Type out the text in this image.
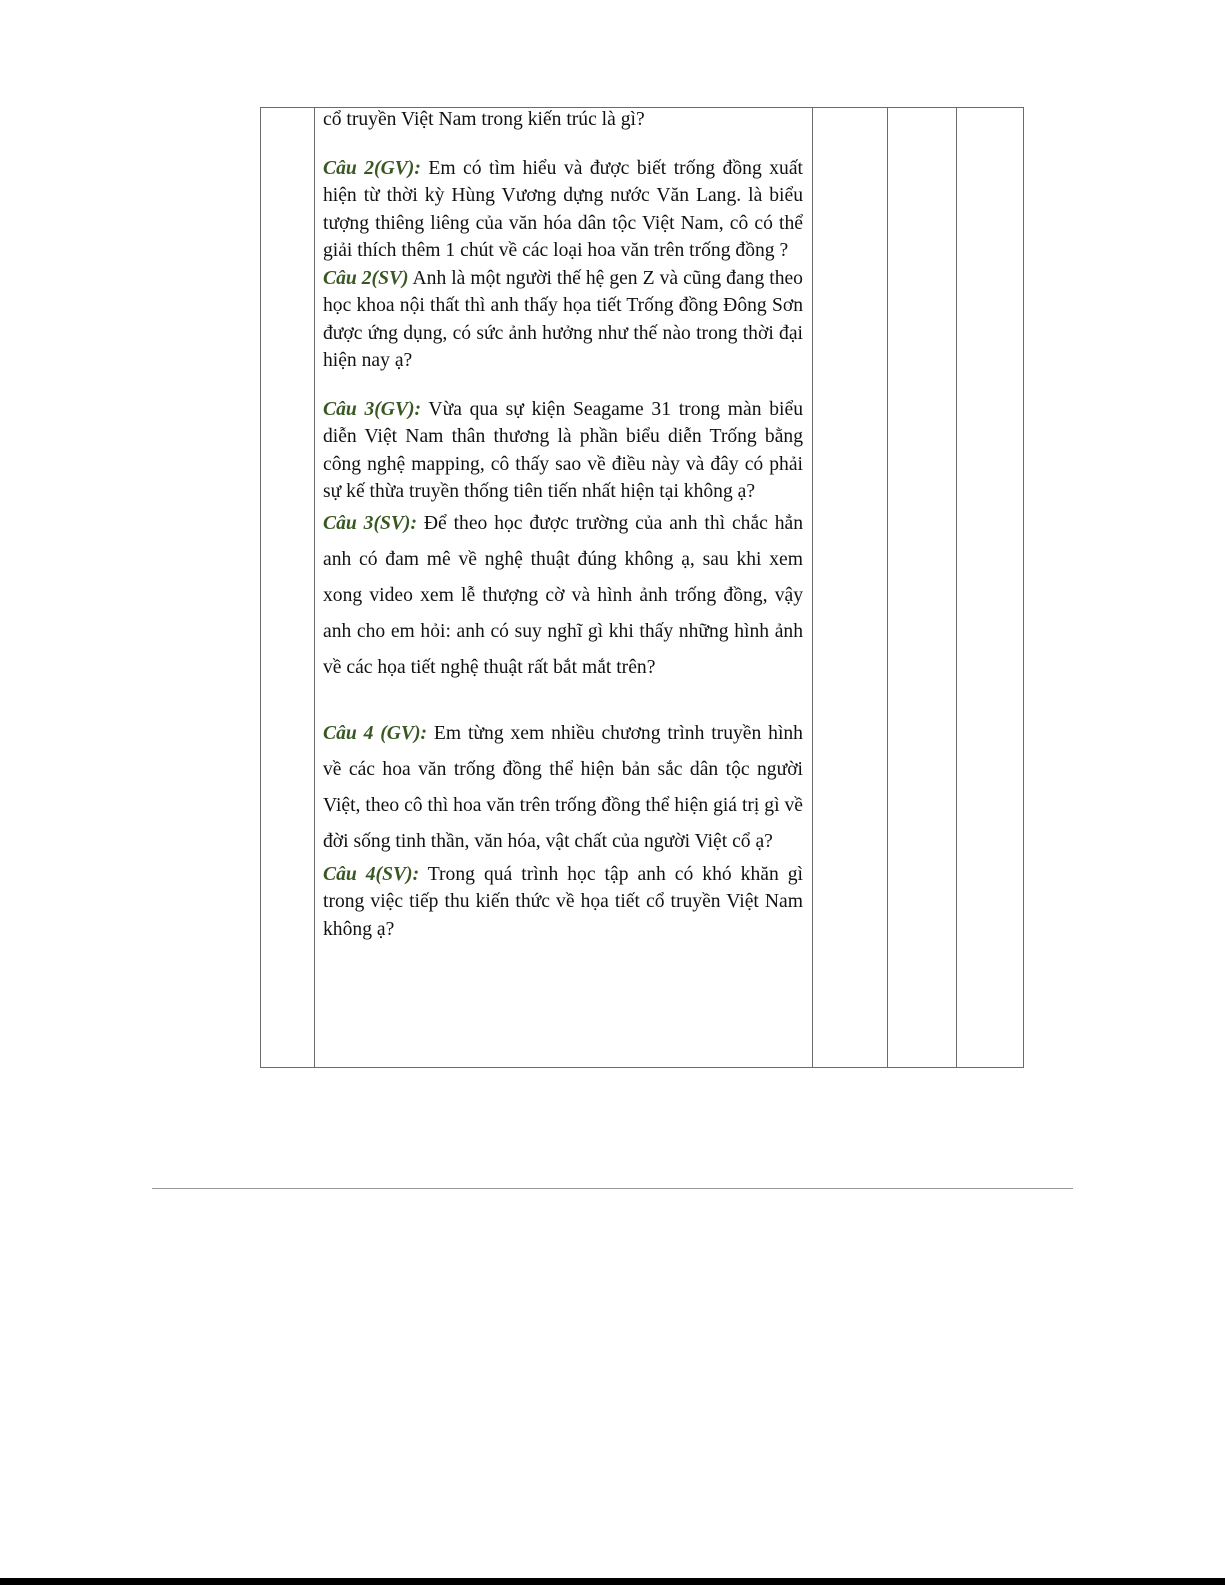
cổ truyền Việt Nam trong kiến trúc là gì?

Câu 2(GV): Em có tìm hiểu và được biết trống đồng xuất hiện từ thời kỳ Hùng Vương dựng nước Văn Lang. là biểu tượng thiêng liêng của văn hóa dân tộc Việt Nam, cô có thể giải thích thêm 1 chút về các loại hoa văn trên trống đồng ?

Câu 2(SV) Anh là một người thế hệ gen Z và cũng đang theo học khoa nội thất thì anh thấy họa tiết Trống đồng Đông Sơn được ứng dụng, có sức ảnh hưởng như thế nào trong thời đại hiện nay ạ?

Câu 3(GV): Vừa qua sự kiện Seagame 31 trong màn biểu diễn Việt Nam thân thương là phần biểu diễn Trống bằng công nghệ mapping, cô thấy sao về điều này và đây có phải sự kế thừa truyền thống tiên tiến nhất hiện tại không ạ?

Câu 3(SV): Để theo học được trường của anh thì chắc hẳn anh có đam mê về nghệ thuật đúng không ạ, sau khi xem xong video xem lễ thượng cờ và hình ảnh trống đồng, vậy anh cho em hỏi: anh có suy nghĩ gì khi thấy những hình ảnh về các họa tiết nghệ thuật rất bắt mắt trên?

Câu 4 (GV): Em từng xem nhiều chương trình truyền hình về các hoa văn trống đồng thể hiện bản sắc dân tộc người Việt, theo cô thì hoa văn trên trống đồng thể hiện giá trị gì về đời sống tinh thần, văn hóa, vật chất của người Việt cổ ạ?

Câu 4(SV): Trong quá trình học tập anh có khó khăn gì trong việc tiếp thu kiến thức về họa tiết cổ truyền Việt Nam không ạ?
